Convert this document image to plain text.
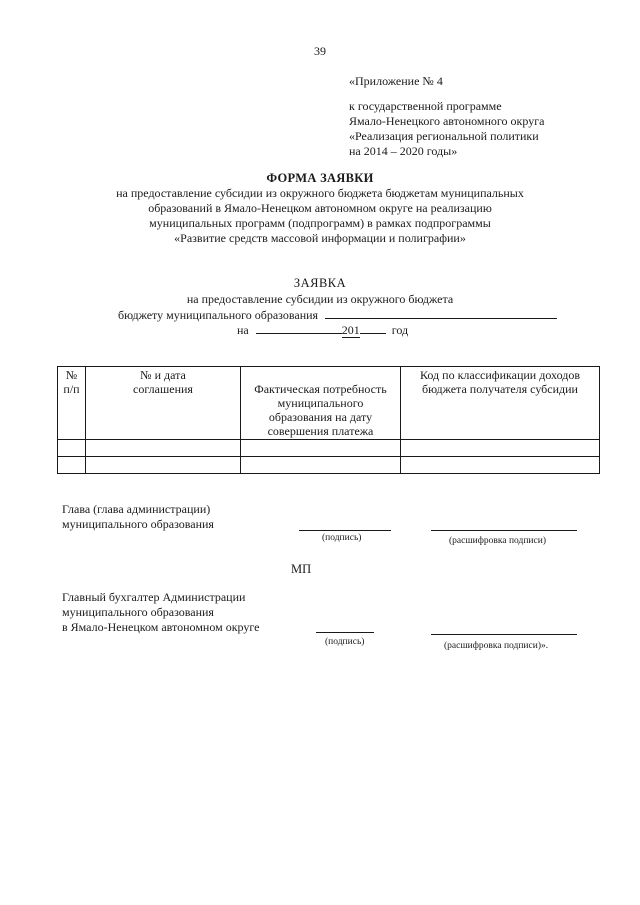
39
«Приложение № 4
к государственной программе
Ямало-Ненецкого автономного округа
«Реализация региональной политики
на 2014 – 2020 годы»
ФОРМА ЗАЯВКИ
на предоставление субсидии из окружного бюджета бюджетам муниципальных
образований в Ямало-Ненецком автономном округе на реализацию
муниципальных программ (подпрограмм) в рамках подпрограммы
«Развитие средств массовой информации и полиграфии»
ЗАЯВКА
на предоставление субсидии из окружного бюджета
бюджету муниципального образования
на	201	год
№ п/п	№ и дата соглашения	Фактическая потребность муниципального образования на дату совершения платежа	Код по классификации доходов бюджета получателя субсидии

Глава (глава администрации)
муниципального образования
(подпись)	(расшифровка подписи)
МП
Главный бухгалтер Администрации
муниципального образования
в Ямало-Ненецком автономном округе
(подпись)	(расшифровка подписи)».
